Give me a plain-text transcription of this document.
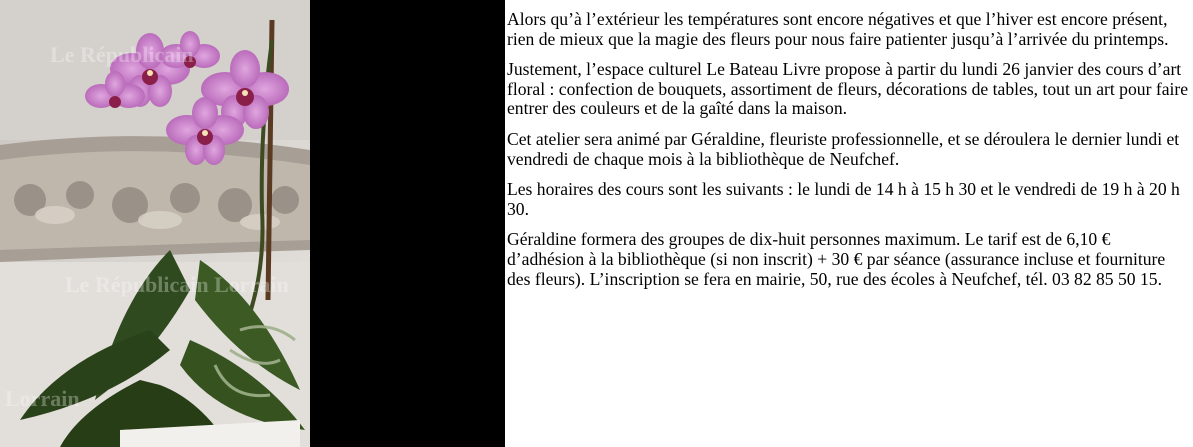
Le Républicain
Le Républicain Lorrain
Lorrain

Alors qu’à l’extérieur les températures sont encore négatives et que l’hiver est encore présent, rien de mieux que la magie des fleurs pour nous faire patienter jusqu’à l’arrivée du printemps.

Justement, l’espace culturel Le Bateau Livre propose à partir du lundi 26 janvier des cours d’art floral : confection de bouquets, assortiment de fleurs, décorations de tables, tout un art pour faire entrer des couleurs et de la gaîté dans la maison.

Cet atelier sera animé par Géraldine, fleuriste professionnelle, et se déroulera le dernier lundi et vendredi de chaque mois à la bibliothèque de Neufchef.

Les horaires des cours sont les suivants : le lundi de 14 h à 15 h 30 et le vendredi de 19 h à 20 h 30.

Géraldine formera des groupes de dix-huit personnes maximum. Le tarif est de 6,10 € d’adhésion à la bibliothèque (si non inscrit) + 30 € par séance (assurance incluse et fourniture des fleurs). L’inscription se fera en mairie, 50, rue des écoles à Neufchef, tél. 03 82 85 50 15.
